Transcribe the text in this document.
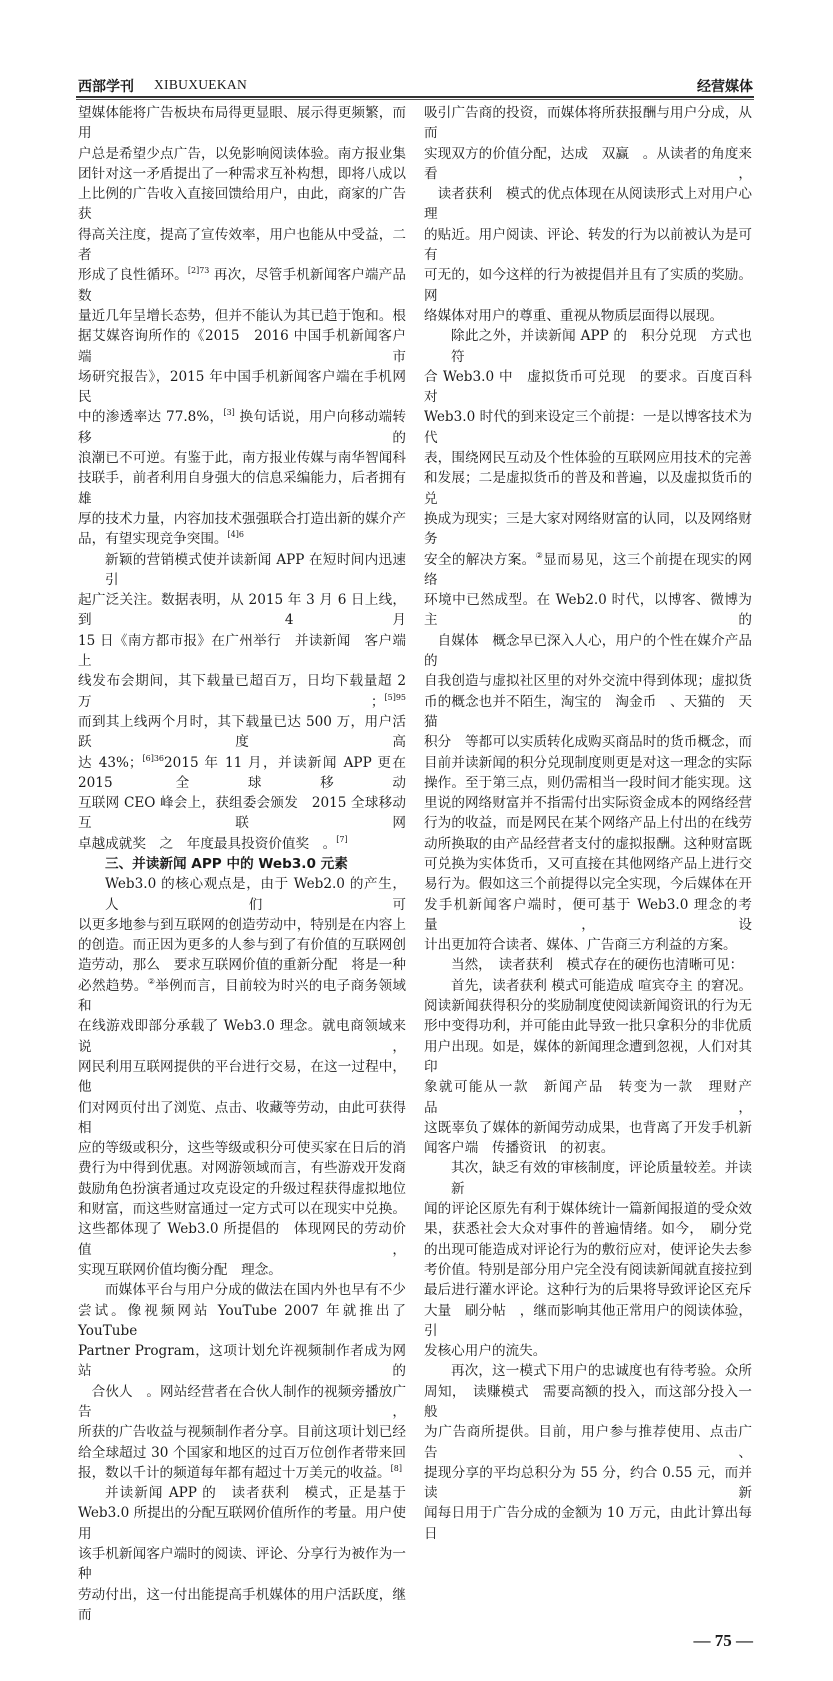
西部学刊 XIBUXUEKAN	经营媒体
望媒体能将广告板块布局得更显眼、展示得更频繁，而用
户总是希望少点广告，以免影响阅读体验。南方报业集
团针对这一矛盾提出了一种需求互补构想，即将八成以
上比例的广告收入直接回馈给用户，由此，商家的广告获
得高关注度，提高了宣传效率，用户也能从中受益，二者
形成了良性循环。$^{[2]73}$ 再次，尽管手机新闻客户端产品数
量近几年呈增长态势，但并不能认为其已趋于饱和。根
据艾媒咨询所作的《2015　2016 中国手机新闻客户端市
场研究报告》，2015 年中国手机新闻客户端在手机网民
中的渗透率达 77.8%，[3] 换句话说，用户向移动端转移的
浪潮已不可逆。有鉴于此，南方报业传媒与南华智闻科
技联手，前者利用自身强大的信息采编能力，后者拥有雄
厚的技术力量，内容加技术强强联合打造出新的媒介产
品，有望实现竞争突围。$^{[4]6}$
新颖的营销模式使并读新闻 APP 在短时间内迅速引
起广泛关注。数据表明，从 2015 年 3 月 6 日上线，到 4 月
15 日《南方都市报》在广州举行　并读新闻　客户端上
线发布会期间，其下载量已超百万，日均下载量超 2 万；$^{[5]95}$
而到其上线两个月时，其下载量已达 500 万，用户活跃度高
达 43%；$^{[6]36}$2015 年 11 月，并读新闻 APP 更在 2015 全球移动
互联网 CEO 峰会上，获组委会颁发　2015 全球移动互联网
卓越成就奖　之　年度最具投资价值奖　。[7]
三、并读新闻 APP 中的 Web3.0 元素
Web3.0 的核心观点是，由于 Web2.0 的产生，人们可
以更多地参与到互联网的创造劳动中，特别是在内容上
的创造。而正因为更多的人参与到了有价值的互联网创
造劳动，那么　要求互联网价值的重新分配　将是一种
必然趋势。②举例而言，目前较为时兴的电子商务领域和
在线游戏即部分承载了 Web3.0 理念。就电商领域来说，
网民利用互联网提供的平台进行交易，在这一过程中，他
们对网页付出了浏览、点击、收藏等劳动，由此可获得相
应的等级或积分，这些等级或积分可使买家在日后的消
费行为中得到优惠。对网游领域而言，有些游戏开发商
鼓励角色扮演者通过攻克设定的升级过程获得虚拟地位
和财富，而这些财富通过一定方式可以在现实中兑换。
这些都体现了 Web3.0 所提倡的　体现网民的劳动价值，
实现互联网价值均衡分配　理念。
而媒体平台与用户分成的做法在国内外也早有不少
尝试。像视频网站 YouTube 2007 年就推出了 YouTube
Partner Program，这项计划允许视频制作者成为网站的
　合伙人　。网站经营者在合伙人制作的视频旁播放广告，
所获的广告收益与视频制作者分享。目前这项计划已经
给全球超过 30 个国家和地区的过百万位创作者带来回
报，数以千计的频道每年都有超过十万美元的收益。[8]
并读新闻 APP 的　读者获利　模式，正是基于
Web3.0 所提出的分配互联网价值所作的考量。用户使用
该手机新闻客户端时的阅读、评论、分享行为被作为一种
劳动付出，这一付出能提高手机媒体的用户活跃度，继而
吸引广告商的投资，而媒体将所获报酬与用户分成，从而
实现双方的价值分配，达成　双赢　。从读者的角度来看，
　读者获利　模式的优点体现在从阅读形式上对用户心理
的贴近。用户阅读、评论、转发的行为以前被认为是可有
可无的，如今这样的行为被提倡并且有了实质的奖励。网
络媒体对用户的尊重、重视从物质层面得以展现。
除此之外，并读新闻 APP 的　积分兑现　方式也符
合 Web3.0 中　虚拟货币可兑现　的要求。百度百科对
Web3.0 时代的到来设定三个前提：一是以博客技术为代
表，围绕网民互动及个性体验的互联网应用技术的完善
和发展；二是虚拟货币的普及和普遍，以及虚拟货币的兑
换成为现实；三是大家对网络财富的认同，以及网络财务
安全的解决方案。②显而易见，这三个前提在现实的网络
环境中已然成型。在 Web2.0 时代，以博客、微博为主的
　自媒体　概念早已深入人心，用户的个性在媒介产品的
自我创造与虚拟社区里的对外交流中得到体现；虚拟货
币的概念也并不陌生，淘宝的　淘金币　、天猫的　天猫
积分　等都可以实质转化成购买商品时的货币概念，而
目前并读新闻的积分兑现制度则更是对这一理念的实际
操作。至于第三点，则仍需相当一段时间才能实现。这
里说的网络财富并不指需付出实际资金成本的网络经营
行为的收益，而是网民在某个网络产品上付出的在线劳
动所换取的由产品经营者支付的虚拟报酬。这种财富既
可兑换为实体货币，又可直接在其他网络产品上进行交
易行为。假如这三个前提得以完全实现，今后媒体在开
发手机新闻客户端时，便可基于 Web3.0 理念的考量，设
计出更加符合读者、媒体、广告商三方利益的方案。
当然，　读者获利　模式存在的硬伤也清晰可见：
首先，读者获利 模式可能造成 喧宾夺主 的窘况。
阅读新闻获得积分的奖励制度使阅读新闻资讯的行为无
形中变得功利，并可能由此导致一批只拿积分的非优质
用户出现。如是，媒体的新闻理念遭到忽视，人们对其印
象就可能从一款　新闻产品　转变为一款　理财产品　，
这既辜负了媒体的新闻劳动成果，也背离了开发手机新
闻客户端　传播资讯　的初衷。
其次，缺乏有效的审核制度，评论质量较差。并读新
闻的评论区原先有利于媒体统计一篇新闻报道的受众效
果，获悉社会大众对事件的普遍情绪。如今，　刷分党
的出现可能造成对评论行为的敷衍应对，使评论失去参
考价值。特别是部分用户完全没有阅读新闻就直接拉到
最后进行灌水评论。这种行为的后果将导致评论区充斥
大量　刷分帖　，继而影响其他正常用户的阅读体验，引
发核心用户的流失。
再次，这一模式下用户的忠诚度也有待考验。众所
周知，　读赚模式　需要高额的投入，而这部分投入一般
为广告商所提供。目前，用户参与推荐使用、点击广告、
提现分享的平均总积分为 55 分，约合 0.55 元，而并读新
闻每日用于广告分成的金额为 10 万元，由此计算出每日
— 75 —
